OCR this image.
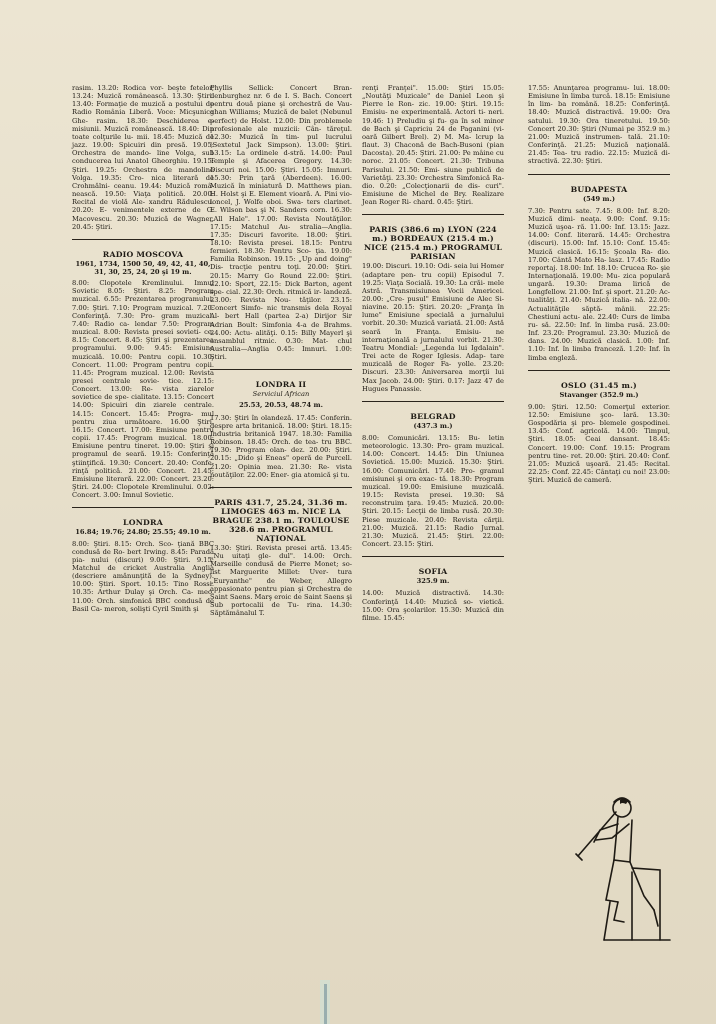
rasim. 13.20: Rodica vor- beşte fetelor, 13.24: Muzică românească. 13.30: Ştiri. 13.40: Formaţie de muzică a postului de Radio România Liberă. Voce: Micşunica Ghe- rasim. 18.30: Deschiderea e- misiunii. Muzică românească. 18.40: Din toate colţurile lu- mii. 18.45: Muzică de jazz. 19.00: Spicuiri din presă. 19.05: Orchestra de mando- line Volga, sub conducerea lui Anatol Gheorghiu. 19.15: Ştiri. 19.25: Orchestra de mandoline Volga. 19.35: Cro- nica literară de Crohmălni- ceanu. 19.44: Muzică româ- nească. 19.50: Viaţa politică. 20.00: Recital de violă Ale- xandru Rădulescu. 20.20: E- venimentele externe de G. Macovescu. 20.30: Muzică de Wagner. 20.45: Ştiri.

RADIO MOSCOVA
1961, 1734, 1500 50, 49, 42, 41, 40, 31, 30, 25, 24, 20 şi 19 m.

8.00: Clopotele Kremlinului. Imnul Sovietic 8.05: Ştiri. 8.25: Program muzical. 6.55: Prezentarea programului. 7.00: Ştiri. 7.10: Program muzical. 7.20: Conferinţă. 7.30: Pro- gram muzical. 7.40: Radio ca- lendar 7.50: Program muzical. 8.00: Revista presei sovieti- ce. 8.15: Concert. 8.45: Ştiri şi prezentarea programului. 9.00: 9.45: Emisiune muzicală. 10.00: Pentru copii. 10.30: Concert. 11.00: Program pentru copii. 11.45: Program muzical. 12.00: Revista presei centrale sovie- tice. 12.15: Concert. 13.00: Re- vista ziarelor sovietice de spe- cialitate. 13.15: Concert 14.00: Spicuiri din ziarele centrale. 14.15: Concert. 15.45: Progra- mul pentru ziua următoare. 16.00 Ştiri. 16.15: Concert. 17.00: Emisiune pentru copii. 17.45: Program muzical. 18.00: Emisiune pentru tineret. 19.00: Ştiri şi programul de seară. 19.15: Conferinţă ştiinţifică. 19.30: Concert. 20.40: Confe- rinţă politică. 21.00: Concert. 21.45: Emisiune literară. 22.00: Concert. 23.20: Ştiri. 24.00: Clopotele Kremlinului. 0.02: Concert. 3.00: Imnul Sovietic.

LONDRA
16.84; 19.76; 24.80; 25.55; 49.10 m.

8.00: Ştiri. 8.15: Orch. Sco- ţiană BBC condusă de Ro- bert Irwing. 8.45: Parada pia- nului (discuri) 9.00: Ştiri. 9.15: Matchul de cricket Australia Anglia (descriere amănunţită de la Sydney). 10.00: Ştiri. Sport. 10.15: Tino Rossi. 10.35: Arthur Dulay şi Orch. Ca- meo. 11.00: Orch. simfonică BBC condusă de Basil Ca- meron, solişti Cyril Smith şi

Phyllis Sellick: Concert Bran- denburghez nr. 6 de I. S. Bach. Concert pentru două piane şi orchestră de Vau- ghan Williams; Muzică de balet (Nebunul perfect) de Holst. 12.00: Din problemele profesionale ale muzicii: Cân- tăreţul. 12.30: Muzică în tim- pul lucrului (Sextetul Jack Simpson). 13.00: Ştiri. 13.15: La ordinele d-stră. 14.00: Paul Temple şi Afacerea Gregory. 14.30: Discuri noi. 15.00: Ştiri. 15.05: Imnuri. 15.30: Prin ţară (Aberdeen). 16.00: Muzică în miniatură D. Matthews pian. H. Holst şi E. Element vioară. A. Pini vio- loncel, J. Wolfe oboi. Swa- ters clarinet. E. Wilson bas şi N. Sanders corn. 16.30: „All Hale". 17.00: Revista Noutăţilor. 17.15: Matchul Au- stralia—Anglia. 17.35: Discuri favorite. 18.00: Ştiri. 18.10: Revista presei. 18.15: Pentru fermieri. 18.30: Pentru Sco- ţia. 19.00: Familia Robinson. 19.15: „Up and doing" Dis- tracţie pentru toţi. 20.00: Ştiri. 20.15: Marry Go Round 22.00: Ştiri. 22.10: Sport, 22.15: Dick Barton, agent spe- cial. 22.30: Orch. ritmică ir- landeză. 23.00: Revista Nou- tăţilor. 23.15: Concert Simfo- nic transmis dela Royal Al- bert Hall (partea 2-a) Dirijor Sir Adrian Boult: Simfonia 4-a de Brahms. 24.00: Actu- alităţi. 0.15: Billy Mayerl şi ansamblul ritmic. 0.30: Mat- chul Australia—Anglia 0.45: Imnuri. 1.00: Ştiri.

LONDRA II
Serviciul African
25.53, 20.53, 48.74 m.

17.30: Ştiri în olandeză. 17.45: Conferin. despre arta britanică. 18.00: Ştiri. 18.15: Industria britanică 1947. 18.30: Familia Robinson. 18.45: Orch. de tea- tru BBC. 19.30: Program olan- dez. 20.00: Ştiri. 20.15: „Dido şi Eneas" operă de Purcell. 21.20: Opinia mea. 21.30: Re- vista noutăţilor. 22.00: Ener- gia atomică şi tu.

PARIS 431.7, 25.24, 31.36 m. LIMOGES 463 m. NICE LA BRAGUE 238.1 m. TOULOUSE 328.6 m. PROGRAMUL NAŢIONAL

13.30: Ştiri. Revista presei artă. 13.45: „Nu uitaţi gle- dul". 14.00: Orch. Marseille condusă de Pierre Monet; so- list Marguerite Millet: Uver- tura „Euryanthe" de Weber, Allegro appasionato pentru pian şi Orchestra de Saint Saens. Marş eroic de Saint Saens şi Sub portocalii de Tu- rina. 14.30: Săptămânalul T.

renţi Franţei". 15.00: Ştiri 15.05: „Noutăţi Muzicale" de Daniel Leon şi Pierre le Ron- zic. 19.00: Ştiri. 19.15: Emisiu- ne experimentală. Actori ti- neri. 19.46: 1) Preludiu şi fu- ga în sol minor de Bach şi Capriciu 24 de Paganini (vi- oară Gilbert Brel). 2) M. Ma- lcrup la flaut. 3) Chaconă de Bach-Busoni (pian Dacosta). 20.45: Ştiri. 21.00: Pe mâine cu noroc. 21.05: Concert. 21.30: Tribuna Parisului. 21.50: Emi- siune publică de Varietăţi. 23.30: Orchestra Simfonică Ra- dio. 0.20: „Colecţionarii de dis- curi". Emisiune de Michel de Bry. Realizare Jean Roger Ri- chard. 0.45: Ştiri.

PARIS (386.6 m) LYON (224 m.) BORDEAUX (215.4 m.) NICE (215.4 m.) PROGRAMUL PARISIAN

19.00: Discuri. 19.10: Odi- seia lui Homer (adaptare pen- tru copii) Episodul 7. 19.25: Viaţa Socială. 19.30: La crăi- mele Astră. Transmisiunea Vocii Americei. 20.00: „Cre- pusul" Emisiune de Alec Si- niavine. 20.15: Ştiri. 20.20: „Franţa în lume" Emisiune specială a jurnalului vorbit. 20.30: Muzică variată. 21.00: Astă seară în Franţa. Emisiu- ne internaţională a jurnalului vorbit. 21.30: Teatru Mondial: „Legenda lui Igdalain". Trei acte de Roger Iglesis. Adap- tare muzicală de Roger Fa- yolle. 23.20: Discuri. 23.30: Aniversarea morţii lui Max Jacob. 24.00: Ştiri. 0.17: Jazz 47 de Hugues Panassie.

BELGRAD
(437.3 m.)

8.00: Comunicări. 13.15: Bu- letin meteorologic. 13.30: Pro- gram muzical. 14.00: Concert. 14.45: Din Uniunea Sovietică. 15.00: Muzică. 15.30: Ştiri. 16.00: Comunicări. 17.40: Pro- gramul emisiunei şi ora exac- tă. 18.30: Program muzical. 19.00: Emisiune muzicală. 19.15: Revista presei. 19.30: Să reconstruim ţara. 19.45: Muzică. 20.00: Ştiri. 20.15: Lecţii de limba rusă. 20.30: Piese muzicale. 20.40: Revista cărţii. 21.00: Muzică. 21.15: Radio Jurnal. 21.30: Muzică. 21.45: Ştiri. 22.00: Concert. 23.15: Ştiri.

SOFIA
325.9 m.

14.00: Muzică distractivă. 14.30: Conferinţă 14.40: Muzică so- vietică. 15.00: Ora şcolarilor. 15.30: Muzică din filme. 15.45:

17.55: Anunţarea programu- lui. 18.00: Emisiune în limba turcă. 18.15: Emisiune în lim- ba română. 18.25: Conferinţă. 18.40: Muzică distractivă. 19.00: Ora satului. 19.30: Ora tineretului. 19.50: Concert 20.30: Ştiri (Numai pe 352.9 m.) 21.00: Muzică instrumen- tală. 21.10: Conferinţă. 21.25: Muzică naţională. 21.45: Tea- tru radio. 22.15: Muzică di- stractivă. 22.30: Ştiri.

BUDAPESTA
(549 m.)

7.30: Pentru sate. 7.45: 8.00: Inf. 8.20: Muzică dimi- neaţa. 9.00: Conf. 9.15: Muzică uşoa- ră. 11.00: Inf. 13.15: Jazz. 14.00: Conf. literară. 14.45: Orchestra (discuri). 15.00: Inf. 15.10: Conf. 15.45: Muzică clasică. 16.15: Şcoala Ra- dio. 17.00: Cântă Mato Ha- lasz. 17.45: Radio reportaj. 18.00: Inf. 18.10: Crucea Ro- şie Internaţională. 19.00: Mu- zica populară ungară. 19.30: Drama lirică de Longfellow. 21.00: Inf. şi sport. 21.20: Ac- tualităţi. 21.40: Muzică italia- nă. 22.00: Actualităţile săptă- mânii. 22.25: Chestiuni actu- ale. 22.40: Curs de limba ru- să. 22.50: Inf. în limba rusă. 23.00: Inf. 23.20: Programul. 23.30: Muzică de dans. 24.00: Muzică clasică. 1.00: Inf. 1.10: Inf. în limba franceză. 1.20: Inf. în limba engleză.

OSLO (31.45 m.)
Stavanger (352.9 m.)

9.00: Ştiri. 12.50: Comerţul exterior. 12.50: Emisiune şco- lară. 13.30: Gospodăria şi pro- blemele gospodinei. 13.45: Conf. agricolă. 14.00: Timpul, Ştiri. 18.05: Ceai dansant. 18.45: Concert. 19.00: Conf. 19.15: Program pentru tine- ret. 20.00: Ştiri. 20.40: Conf. 21.05: Muzică uşoară. 21.45: Recital. 22.25: Conf. 22.45: Cântaţi cu noi! 23.00: Ştiri. Muzică de cameră.
